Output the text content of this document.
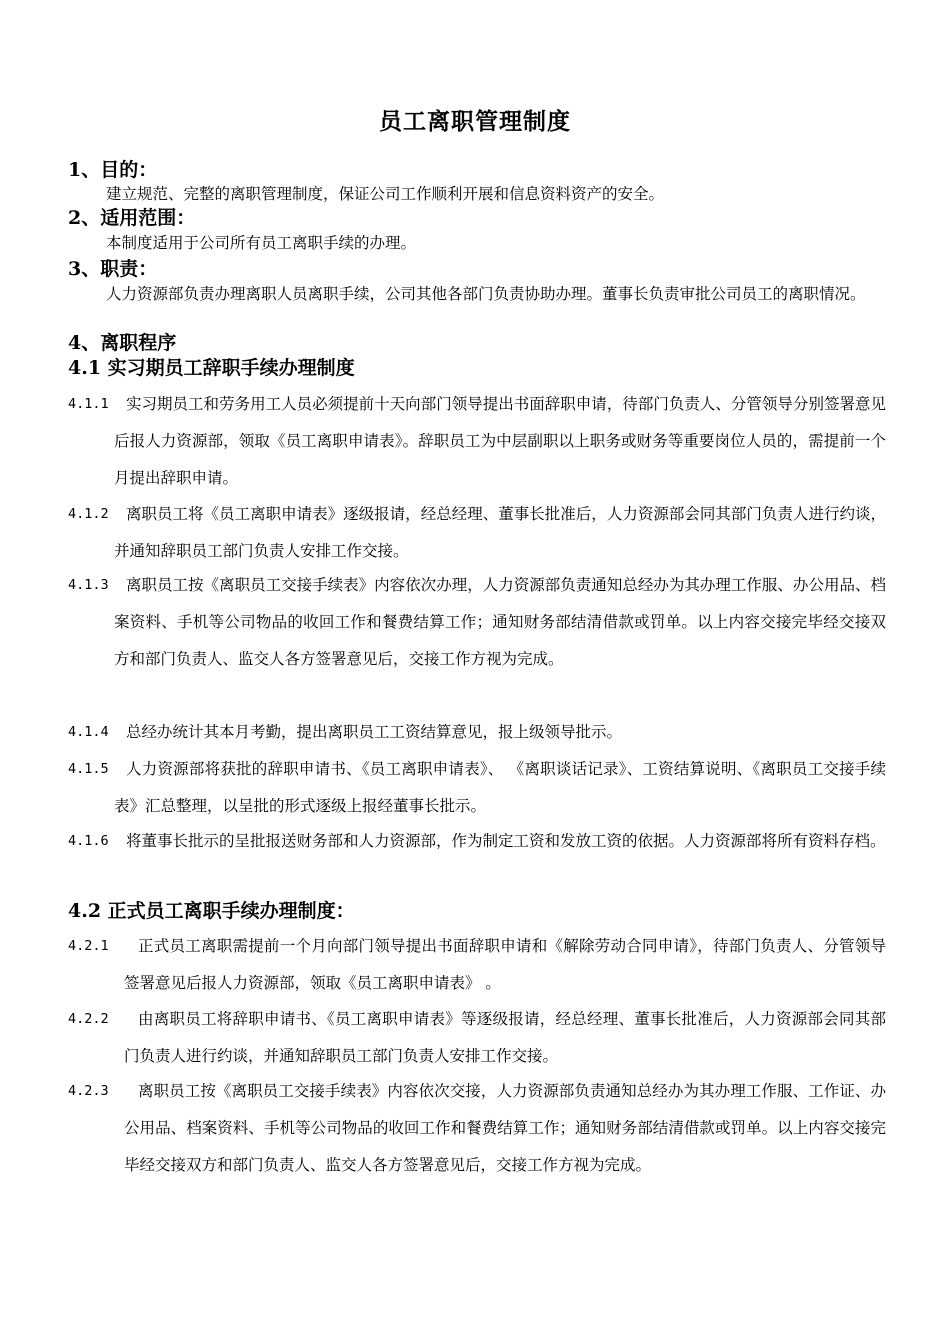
员工离职管理制度
1、目的：
建立规范、完整的离职管理制度，保证公司工作顺利开展和信息资料资产的安全。
2、适用范围：
本制度适用于公司所有员工离职手续的办理。
3、职责：
人力资源部负责办理离职人员离职手续，公司其他各部门负责协助办理。董事长负责审批公司员工的离职情况。
4、离职程序
4.1 实习期员工辞职手续办理制度
4.1.1	实习期员工和劳务用工人员必须提前十天向部门领导提出书面辞职申请，待部门负责人、分管领导分别签署意见后报人力资源部，领取《员工离职申请表》。辞职员工为中层副职以上职务或财务等重要岗位人员的，需提前一个月提出辞职申请。
4.1.2	离职员工将《员工离职申请表》逐级报请，经总经理、董事长批准后，人力资源部会同其部门负责人进行约谈，并通知辞职员工部门负责人安排工作交接。
4.1.3	离职员工按《离职员工交接手续表》内容依次办理，人力资源部负责通知总经办为其办理工作服、办公用品、档案资料、手机等公司物品的收回工作和餐费结算工作；通知财务部结清借款或罚单。以上内容交接完毕经交接双方和部门负责人、监交人各方签署意见后，交接工作方视为完成。
4.1.4	总经办统计其本月考勤，提出离职员工工资结算意见，报上级领导批示。
4.1.5	人力资源部将获批的辞职申请书、《员工离职申请表》、 《离职谈话记录》、工资结算说明、《离职员工交接手续表》汇总整理，以呈批的形式逐级上报经董事长批示。
4.1.6	将董事长批示的呈批报送财务部和人力资源部，作为制定工资和发放工资的依据。人力资源部将所有资料存档。
4.2 正式员工离职手续办理制度：
4.2.1	正式员工离职需提前一个月向部门领导提出书面辞职申请和《解除劳动合同申请》，待部门负责人、分管领导签署意见后报人力资源部，领取《员工离职申请表》 。
4.2.2	由离职员工将辞职申请书、《员工离职申请表》等逐级报请，经总经理、董事长批准后，人力资源部会同其部门负责人进行约谈，并通知辞职员工部门负责人安排工作交接。
4.2.3	离职员工按《离职员工交接手续表》内容依次交接，人力资源部负责通知总经办为其办理工作服、工作证、办公用品、档案资料、手机等公司物品的收回工作和餐费结算工作；通知财务部结清借款或罚单。以上内容交接完毕经交接双方和部门负责人、监交人各方签署意见后，交接工作方视为完成。
